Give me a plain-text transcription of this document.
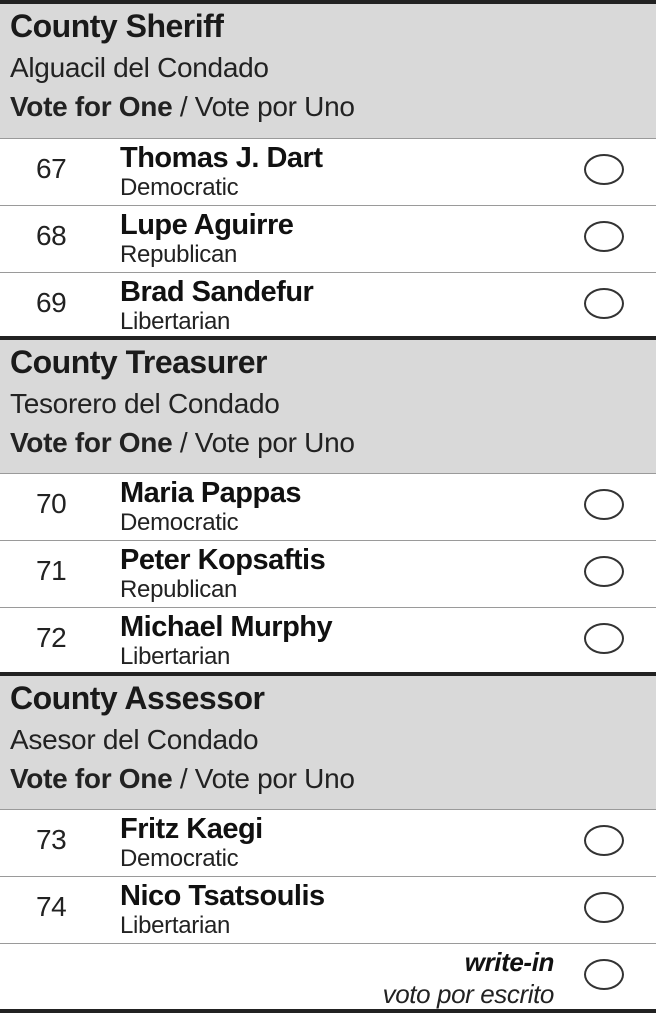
County Sheriff
Alguacil del Condado
Vote for One / Vote por Uno
67 Thomas J. Dart
Democratic
68 Lupe Aguirre
Republican
69 Brad Sandefur
Libertarian
County Treasurer
Tesorero del Condado
Vote for One / Vote por Uno
70 Maria Pappas
Democratic
71 Peter Kopsaftis
Republican
72 Michael Murphy
Libertarian
County Assessor
Asesor del Condado
Vote for One / Vote por Uno
73 Fritz Kaegi
Democratic
74 Nico Tsatsoulis
Libertarian
write-in
voto por escrito
